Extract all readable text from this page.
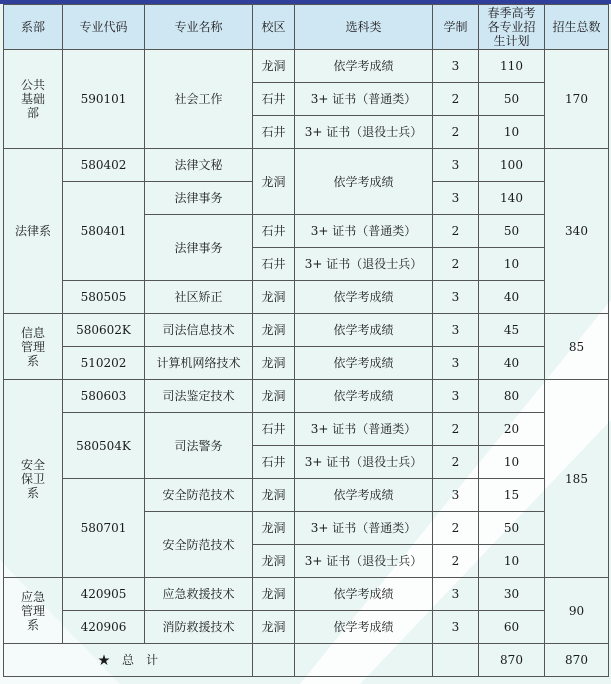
系部	专业代码	专业名称	校区	选科类	学制	春季高考各专业招生计划	招生总数
公共基础部	590101	社会工作	龙洞	依学考成绩	3	110	170
			石井	3+ 证书（普通类）	2	50	
			石井	3+ 证书（退役士兵）	2	10	
法律系	580402	法律文秘	龙洞	依学考成绩	3	100	340
	580401	法律事务			3	140	
		法律事务	石井	3+ 证书（普通类）	2	50	
			石井	3+ 证书（退役士兵）	2	10	
	580505	社区矫正	龙洞	依学考成绩	3	40	
信息管理系	580602K	司法信息技术	龙洞	依学考成绩	3	45	85
	510202	计算机网络技术	龙洞	依学考成绩	3	40	
安全保卫系	580603	司法鉴定技术	龙洞	依学考成绩	3	80	185
	580504K	司法警务	石井	3+ 证书（普通类）	2	20	
			石井	3+ 证书（退役士兵）	2	10	
	580701	安全防范技术	龙洞	依学考成绩	3	15	
		安全防范技术	龙洞	3+ 证书（普通类）	2	50	
			龙洞	3+ 证书（退役士兵）	2	10	
应急管理系	420905	应急救援技术	龙洞	依学考成绩	3	30	90
	420906	消防救援技术	龙洞	依学考成绩	3	60	
★　总　计						870	870
